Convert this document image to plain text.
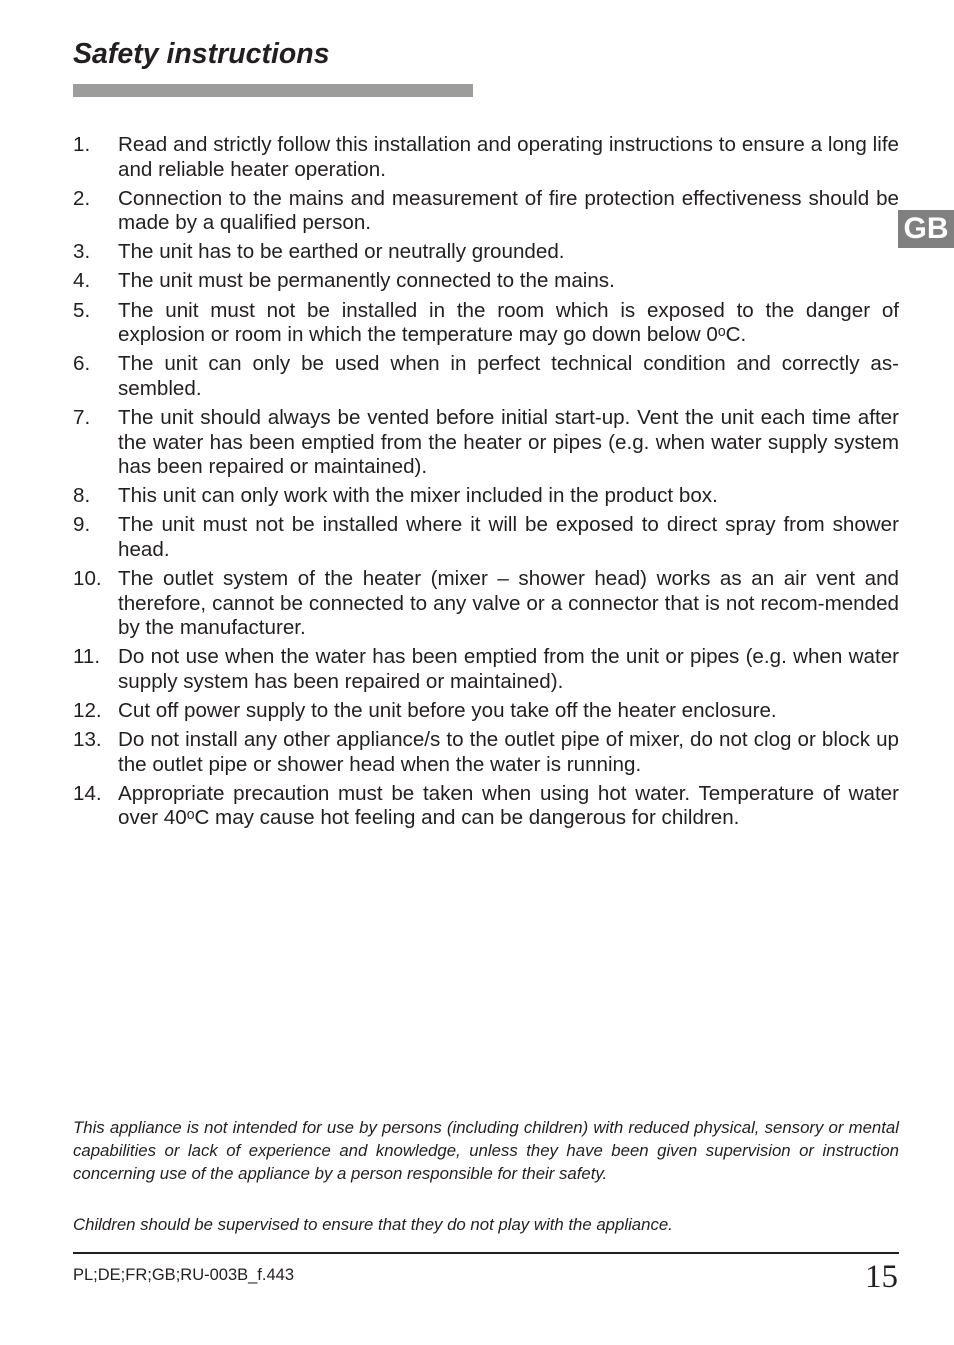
Safety instructions
GB
1.	Read and strictly follow this installation and operating instructions to ensure a long life and reliable heater operation.
2.	Connection to the mains and measurement of fire protection effectiveness should be made by a qualified person.
3.	The unit has to be earthed or neutrally grounded.
4.	The unit must be permanently connected to the mains.
5.	The unit must not be installed in the room which is exposed to the danger of explosion or room in which the temperature may go down below 0ᵒC.
6.	The unit can only be used when in perfect technical condition and correctly as-sembled.
7.	The unit should always be vented before initial start-up. Vent the unit each time after the water has been emptied from the heater or pipes (e.g. when water supply system has been repaired or maintained).
8.	This unit can only work with the mixer included in the product box.
9.	The unit must not be installed where it will be exposed to direct spray from shower head.
10. The outlet system of the heater (mixer – shower head) works as an air vent and therefore, cannot be connected to any valve or a connector that is not recom-mended by the manufacturer.
11. Do not use when the water has been emptied from the unit or pipes (e.g. when water supply system has been repaired or maintained).
12. Cut off power supply to the unit before you take off the heater enclosure.
13. Do not install any other appliance/s to the outlet pipe of mixer, do not clog or block up the outlet pipe or shower head when the water is running.
14. Appropriate precaution must be taken when using hot water. Temperature of water over 40ᵒC may cause hot feeling and can be dangerous for children.

This appliance is not intended for use by persons (including children) with reduced physical, sensory or mental capabilities or lack of experience and knowledge, unless they have been given supervision or instruction concerning use of the appliance by a person responsible for their safety.

Children should be supervised to ensure that they do not play with the appliance.

PL;DE;FR;GB;RU-003B_f.443	15
